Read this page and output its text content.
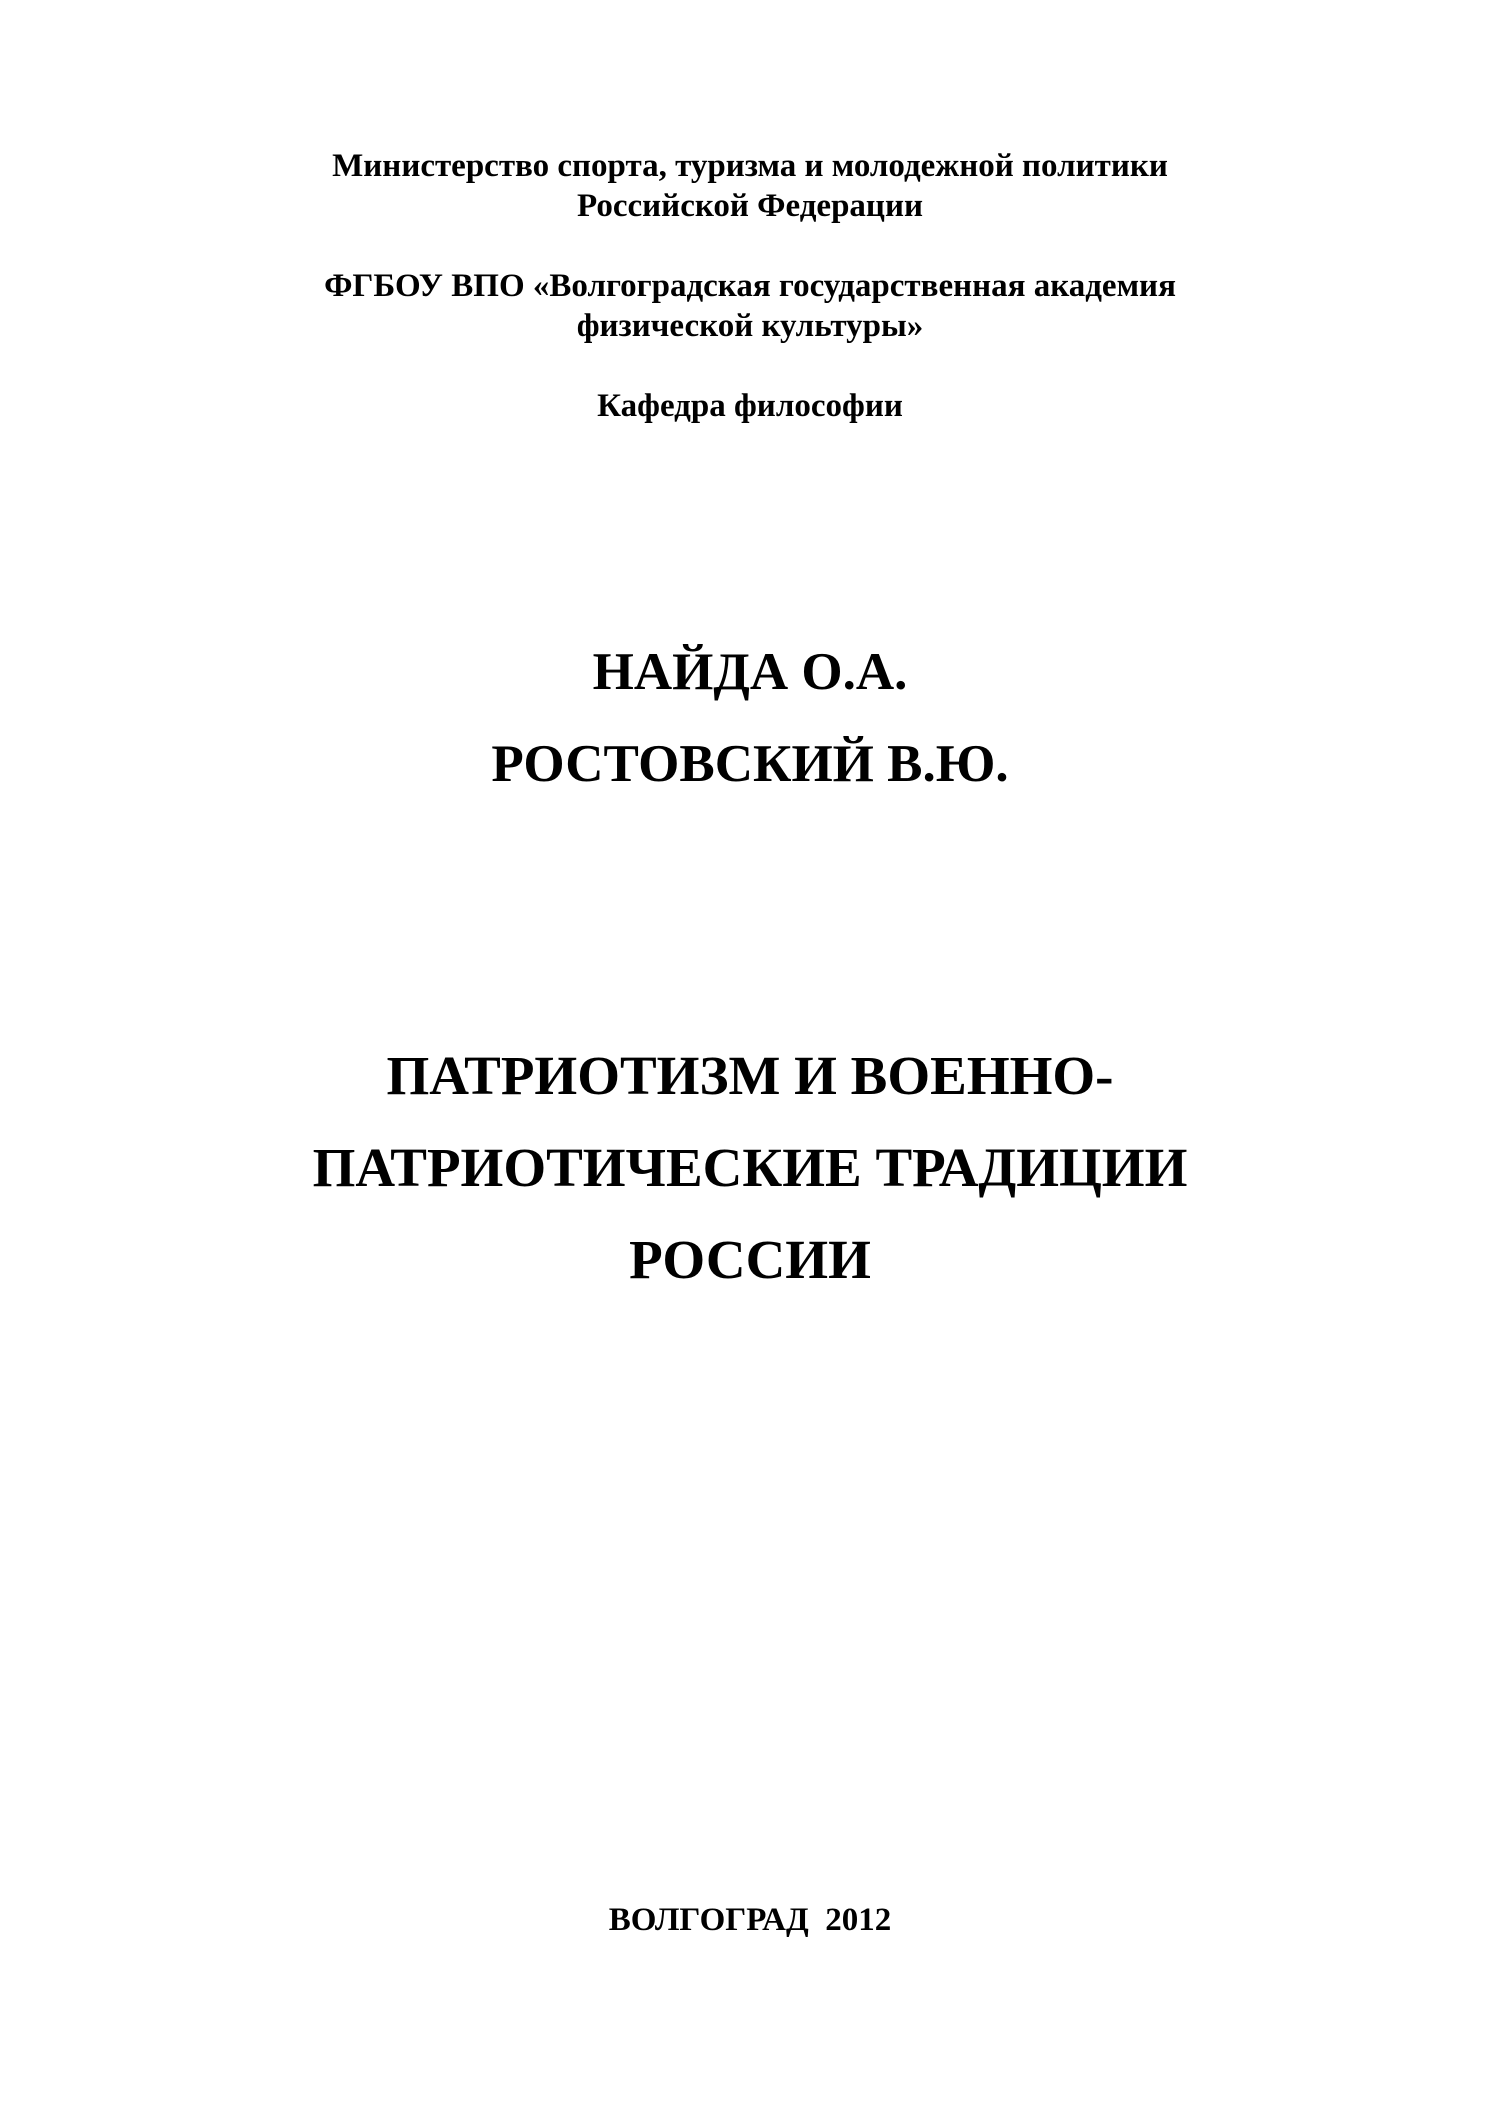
Министерство спорта, туризма и молодежной политики
Российской Федерации
ФГБОУ ВПО «Волгоградская государственная академия
физической культуры»
Кафедра философии
НАЙДА О.А.
РОСТОВСКИЙ В.Ю.
ПАТРИОТИЗМ И ВОЕННО-
ПАТРИОТИЧЕСКИЕ ТРАДИЦИИ
РОССИИ
ВОЛГОГРАД  2012
